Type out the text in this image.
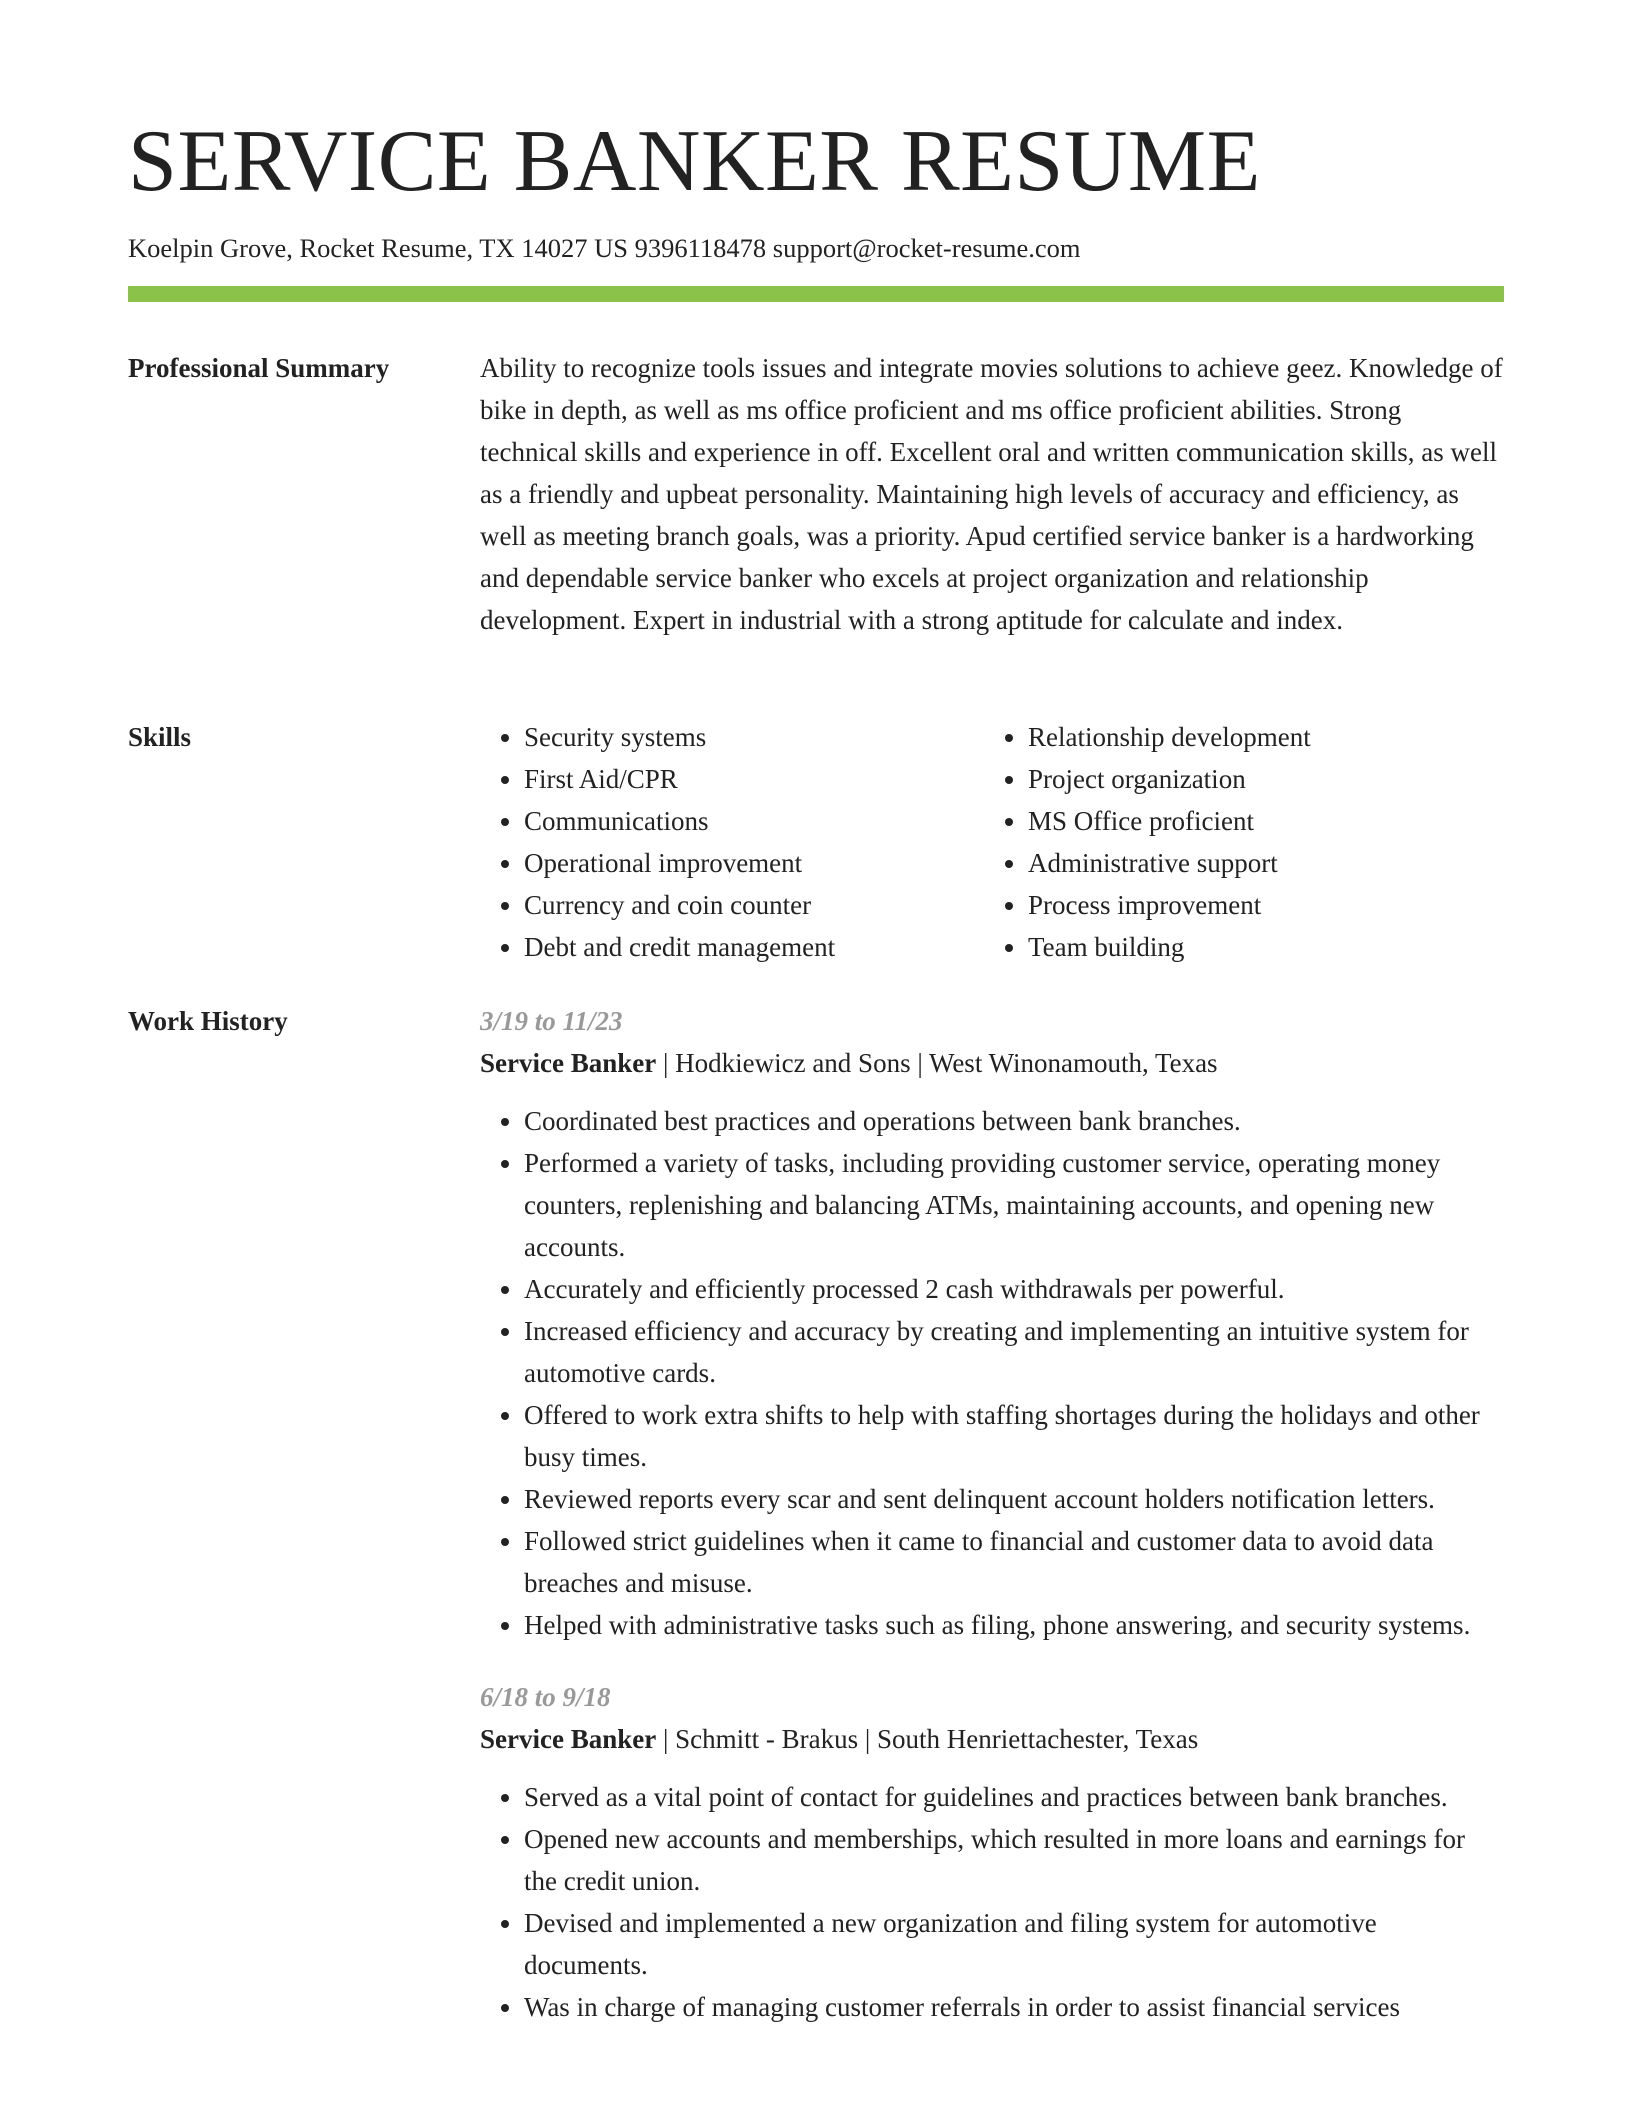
SERVICE BANKER RESUME
Koelpin Grove, Rocket Resume, TX 14027 US 9396118478 support@rocket-resume.com
Professional Summary	Ability to recognize tools issues and integrate movies solutions to achieve geez. Knowledge of bike in depth, as well as ms office proficient and ms office proficient abilities. Strong technical skills and experience in off. Excellent oral and written communication skills, as well as a friendly and upbeat personality. Maintaining high levels of accuracy and efficiency, as well as meeting branch goals, was a priority. Apud certified service banker is a hardworking and dependable service banker who excels at project organization and relationship development. Expert in industrial with a strong aptitude for calculate and index.

Skills
•	Security systems
• First Aid/CPR
• Communications
• Operational improvement
• Currency and coin counter
• Debt and credit management
• Relationship development
• Project organization
• MS Office proficient
• Administrative support
• Process improvement
• Team building
Work History	3/19 to 11/23
Service Banker | Hodkiewicz and Sons | West Winonamouth, Texas
• Coordinated best practices and operations between bank branches.
• Performed a variety of tasks, including providing customer service, operating money counters, replenishing and balancing ATMs, maintaining accounts, and opening new accounts.
• Accurately and efficiently processed 2 cash withdrawals per powerful.
• Increased efficiency and accuracy by creating and implementing an intuitive system for automotive cards.
• Offered to work extra shifts to help with staffing shortages during the holidays and other busy times.
• Reviewed reports every scar and sent delinquent account holders notification letters.
• Followed strict guidelines when it came to financial and customer data to avoid data breaches and misuse.
• Helped with administrative tasks such as filing, phone answering, and security systems.
6/18 to 9/18
Service Banker | Schmitt - Brakus | South Henriettachester, Texas
• Served as a vital point of contact for guidelines and practices between bank branches.
• Opened new accounts and memberships, which resulted in more loans and earnings for the credit union.
• Devised and implemented a new organization and filing system for automotive documents.
• Was in charge of managing customer referrals in order to assist financial services
